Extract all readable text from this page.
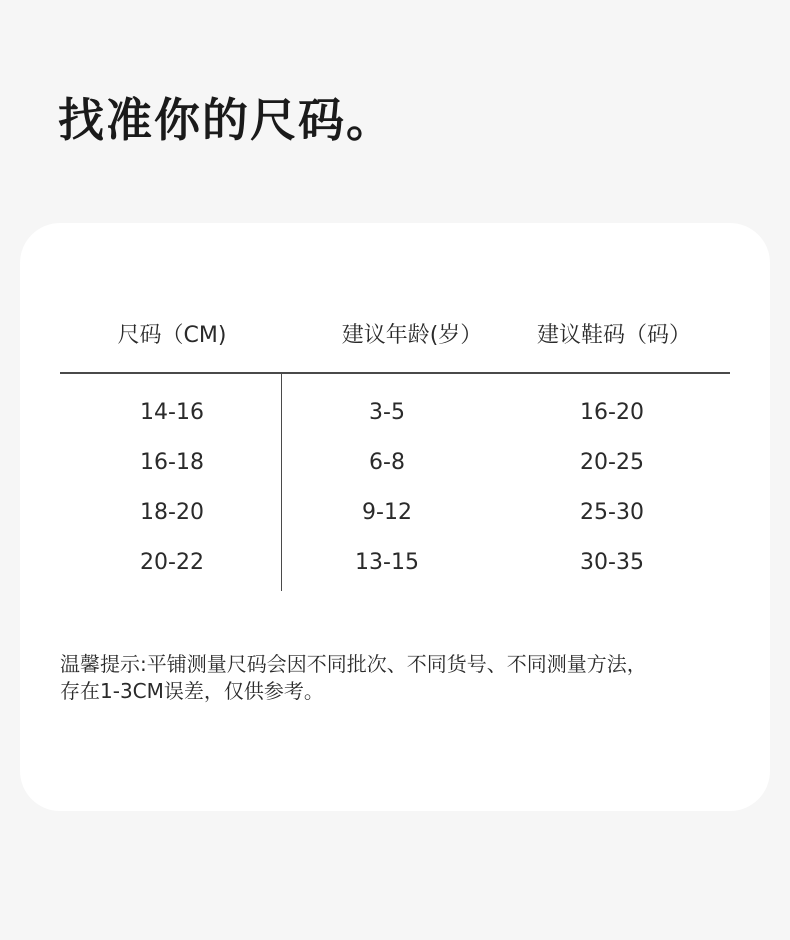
找准你的尺码。
尺码（CM)	建议年龄(岁）	建议鞋码（码）
14-16	3-5	16-20
16-18	6-8	20-25
18-20	9-12	25-30
20-22	13-15	30-35

温馨提示:平铺测量尺码会因不同批次、不同货号、不同测量方法，

存在1-3CM误差，仅供参考。
